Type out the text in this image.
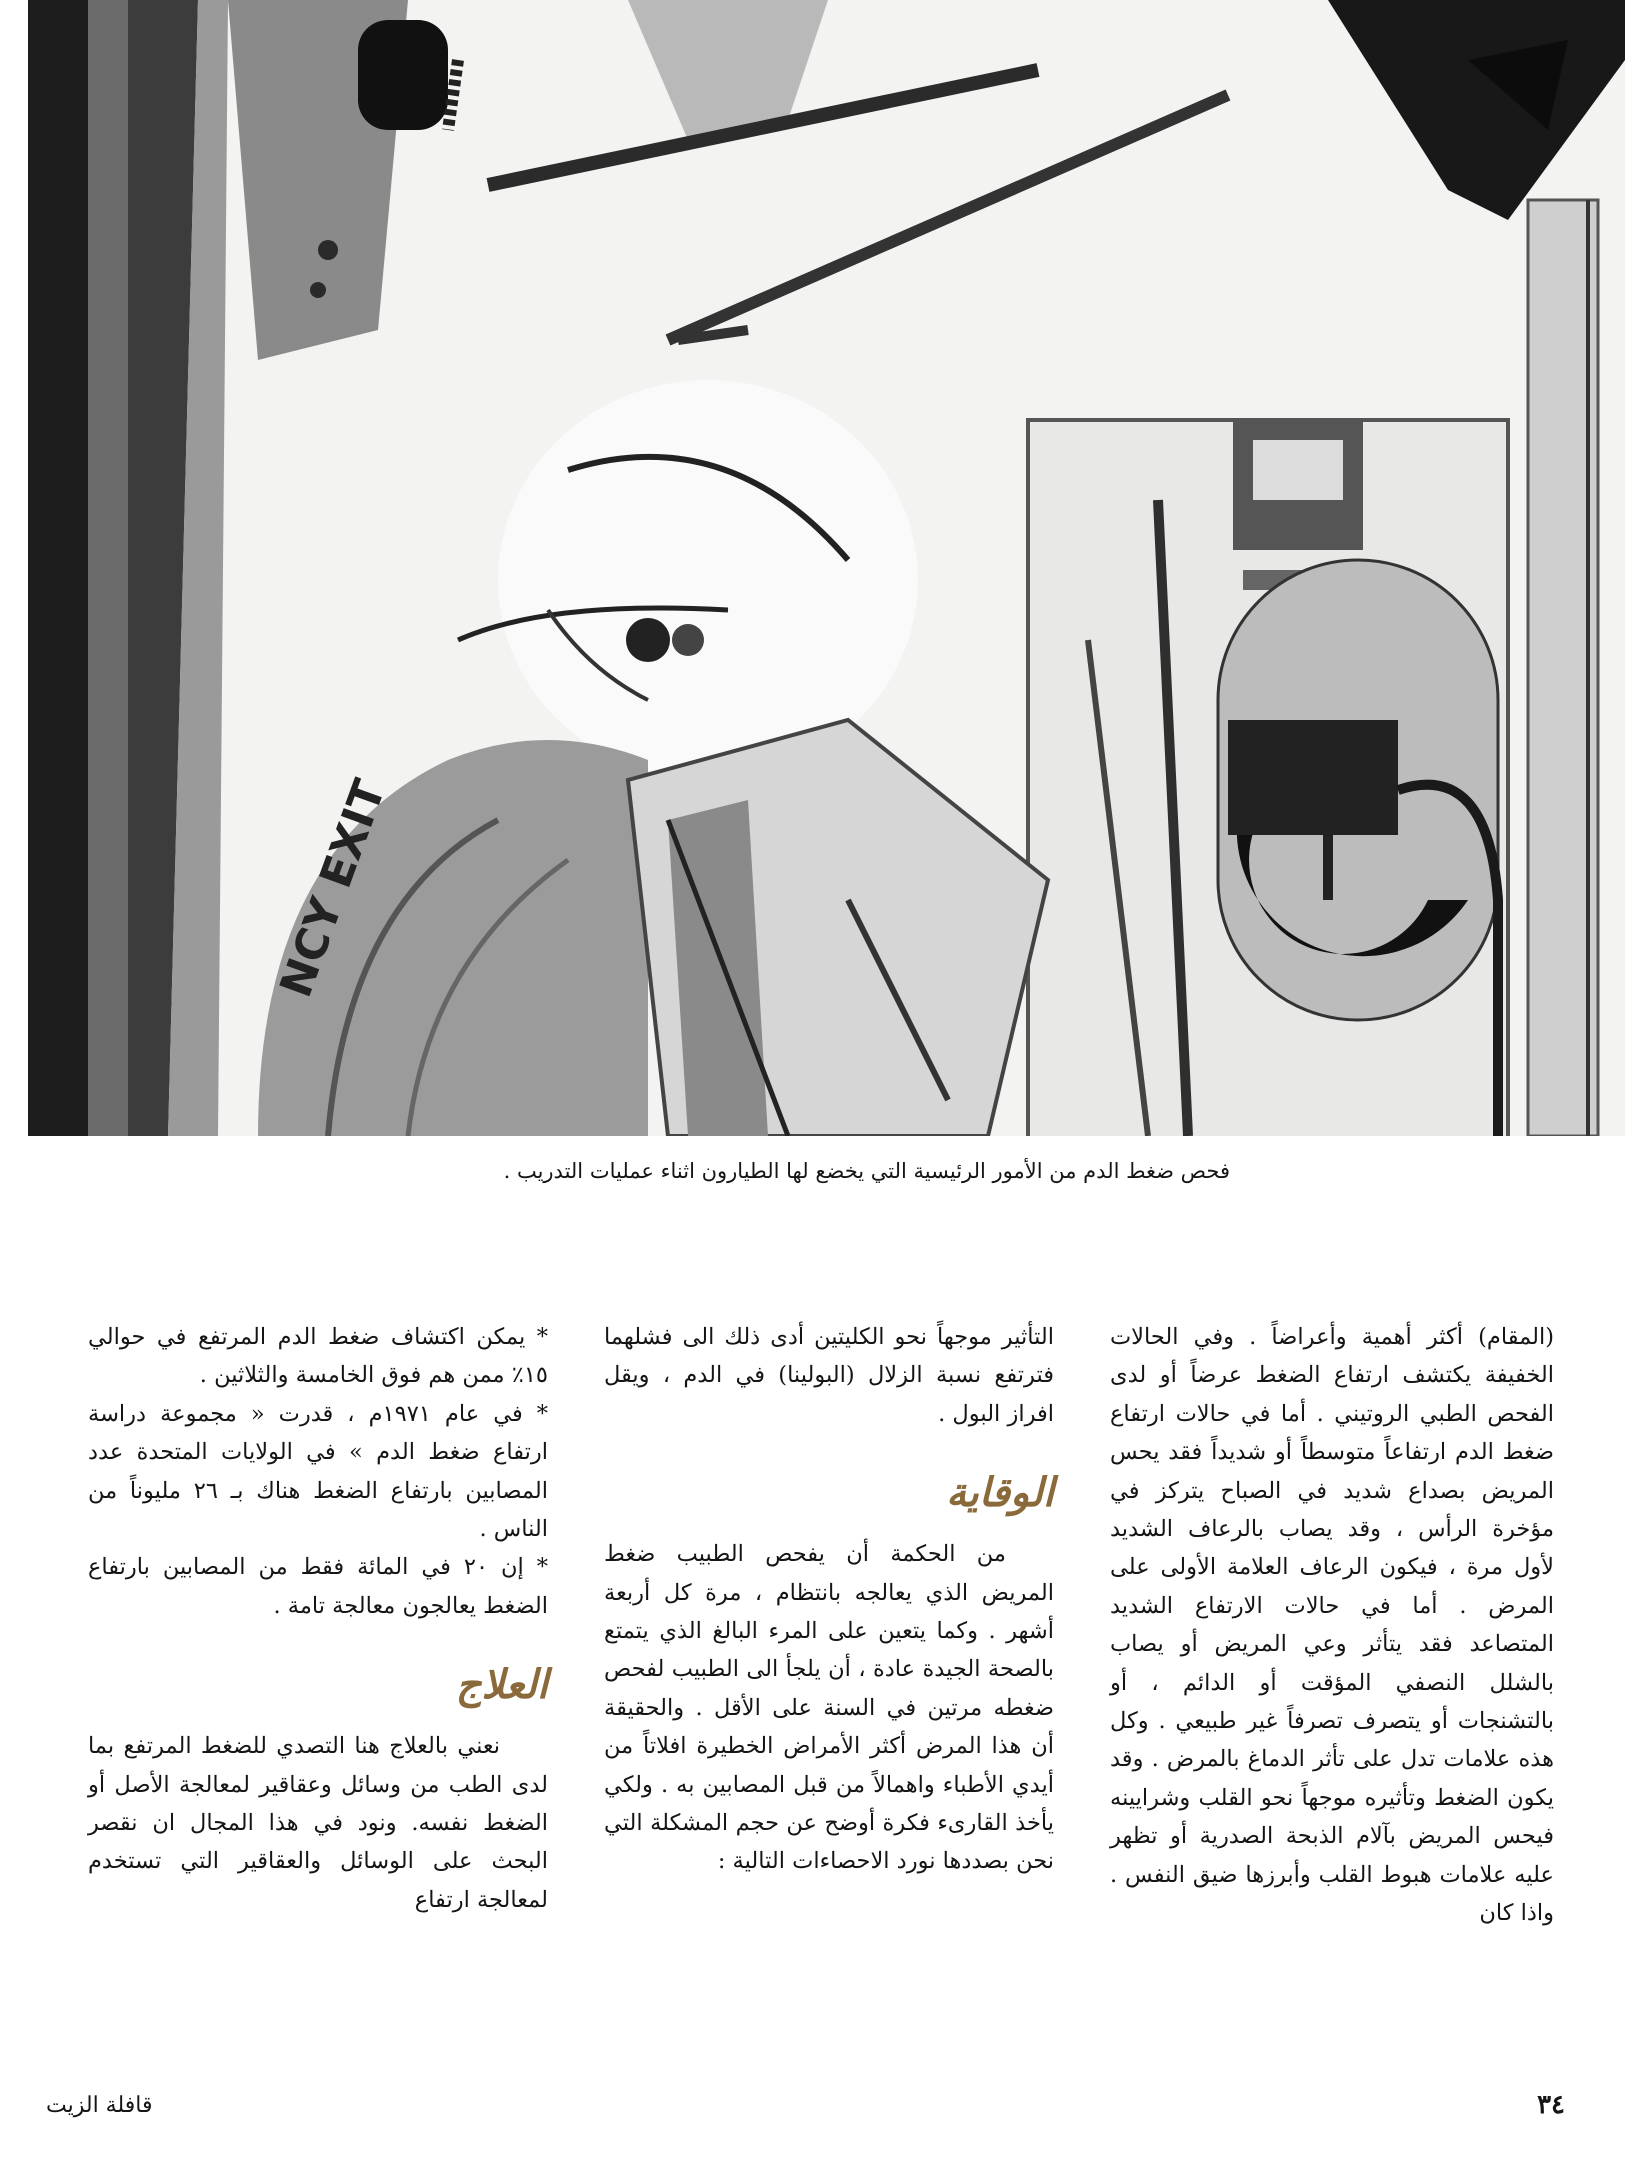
NCY EXIT
فحص ضغط الدم من الأمور الرئيسية التي يخضع لها الطيارون اثناء عمليات التدريب .

(المقام) أكثر أهمية وأعراضاً . وفي الحالات الخفيفة يكتشف ارتفاع الضغط عرضاً أو لدى الفحص الطبي الروتيني . أما في حالات ارتفاع ضغط الدم ارتفاعاً متوسطاً أو شديداً فقد يحس المريض بصداع شديد في الصباح يتركز في مؤخرة الرأس ، وقد يصاب بالرعاف الشديد لأول مرة ، فيكون الرعاف العلامة الأولى على المرض . أما في حالات الارتفاع الشديد المتصاعد فقد يتأثر وعي المريض أو يصاب بالشلل النصفي المؤقت أو الدائم ، أو بالتشنجات أو يتصرف تصرفاً غير طبيعي . وكل هذه علامات تدل على تأثر الدماغ بالمرض . وقد يكون الضغط وتأثيره موجهاً نحو القلب وشرايينه فيحس المريض بآلام الذبحة الصدرية أو تظهر عليه علامات هبوط القلب وأبرزها ضيق النفس . واذا كان

التأثير موجهاً نحو الكليتين أدى ذلك الى فشلهما فترتفع نسبة الزلال (البولينا) في الدم ، ويقل افراز البول .

الوقاية

من الحكمة أن يفحص الطبيب ضغط المريض الذي يعالجه بانتظام ، مرة كل أربعة أشهر . وكما يتعين على المرء البالغ الذي يتمتع بالصحة الجيدة عادة ، أن يلجأ الى الطبيب لفحص ضغطه مرتين في السنة على الأقل . والحقيقة أن هذا المرض أكثر الأمراض الخطيرة افلاتاً من أيدي الأطباء واهمالاً من قبل المصابين به . ولكي يأخذ القارىء فكرة أوضح عن حجم المشكلة التي نحن بصددها نورد الاحصاءات التالية :

* يمكن اكتشاف ضغط الدم المرتفع في حوالي ١٥٪ ممن هم فوق الخامسة والثلاثين .

* في عام ١٩٧١م ، قدرت « مجموعة دراسة ارتفاع ضغط الدم » في الولايات المتحدة عدد المصابين بارتفاع الضغط هناك بـ ٢٦ مليوناً من الناس .

* إن ٢٠ في المائة فقط من المصابين بارتفاع الضغط يعالجون معالجة تامة .

العلاج

نعني بالعلاج هنا التصدي للضغط المرتفع بما لدى الطب من وسائل وعقاقير لمعالجة الأصل أو الضغط نفسه. ونود في هذا المجال ان نقصر البحث على الوسائل والعقاقير التي تستخدم لمعالجة ارتفاع

قافلة الزيت	٣٤
